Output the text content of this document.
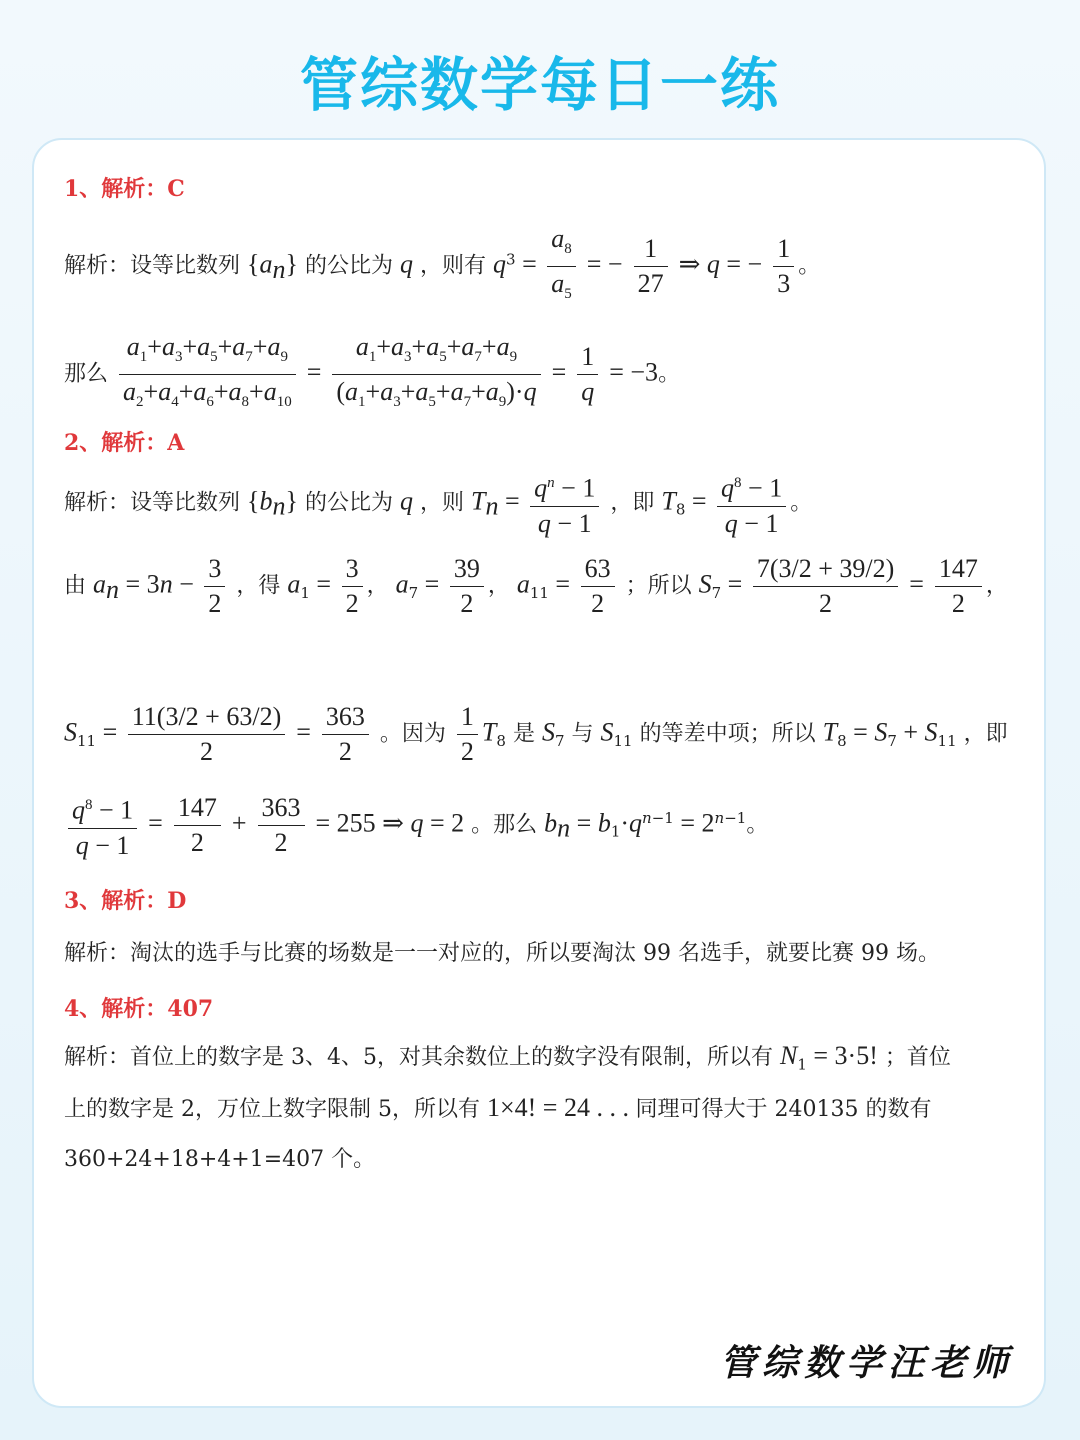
管综数学每日一练
1、解析：C
解析：设等比数列 $\{a_n\}$ 的公比为 q ，则有 $q^3 = \frac{a_8}{a_5}$ = − $\frac{1}{27}$ ⇒ q = − $\frac{1}{3}$ 。
那么 $\frac{a_1+a_3+a_5+a_7+a_9}{a_2+a_4+a_6+a_8+a_{10}} = \frac{a_1+a_3+a_5+a_7+a_9}{(a_1+a_3+a_5+a_7+a_9)\cdot q} = \frac{1}{q} = -3$。
2、解析：A
解析：设等比数列 $\{b_n\}$ 的公比为 q ，则 $T_n = \frac{q^n - 1}{q - 1}$ ，即 $T_8 = \frac{q^8 - 1}{q - 1}$ 。
由 $a_n = 3n - \frac{3}{2}$ ，得 $a_1 = \frac{3}{2}$ ， $a_7 = \frac{39}{2}$ ， $a_{11} = \frac{63}{2}$ ；所以 $S_7 = \frac{7(3/2 + 39/2)}{2} = \frac{147}{2}$ ，
$S_{11} = \frac{11(3/2 + 63/2)}{2} = \frac{363}{2}$ 。因为 $\frac{1}{2} T_8$ 是 $S_7$ 与 $S_{11}$ 的等差中项；所以 $T_8 = S_7 + S_{11}$ ，即
$\frac{q^8 - 1}{q - 1} = \frac{147}{2} + \frac{363}{2} = 255$ ⇒ q = 2 。那么 $b_n = b_1\cdot q^{n-1} = 2^{n-1}$。
3、解析：D
解析：淘汰的选手与比赛的场数是一一对应的，所以要淘汰 99 名选手，就要比赛 99 场。
4、解析：407
解析：首位上的数字是 3、4、5，对其余数位上的数字没有限制，所以有 $N_1 = 3\cdot 5$! ；首位
上的数字是 2，万位上数字限制 5，所以有 1×4! = 24 . . . 同理可得大于 240135 的数有
360+24+18+4+1=407 个。
管综数学汪老师
